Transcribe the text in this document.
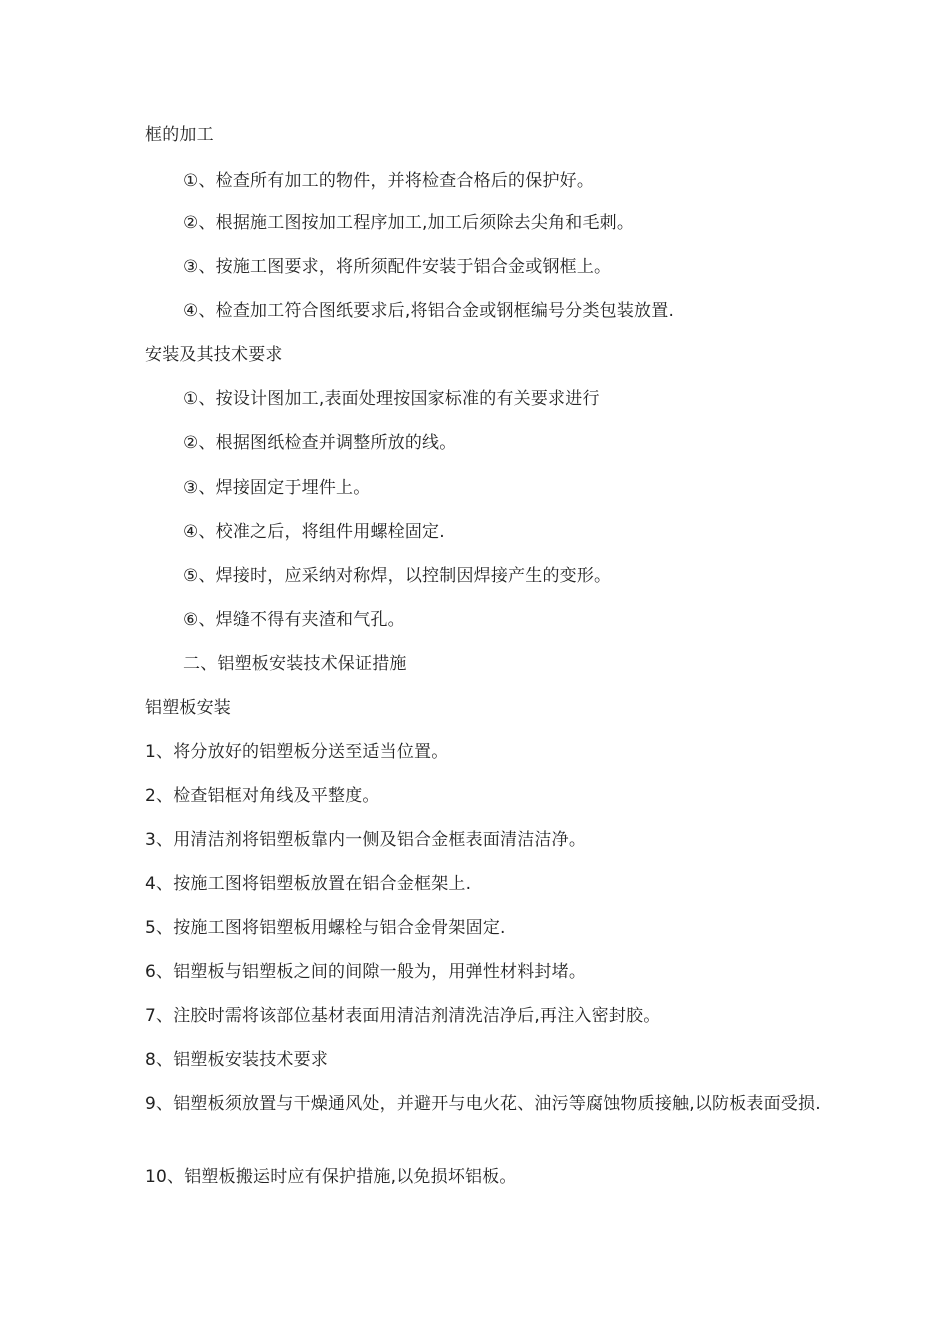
框的加工
①、检查所有加工的物件，并将检查合格后的保护好。
②、根据施工图按加工程序加工,加工后须除去尖角和毛刺。
③、按施工图要求，将所须配件安装于铝合金或钢框上。
④、检查加工符合图纸要求后,将铝合金或钢框编号分类包装放置.
安装及其技术要求
①、按设计图加工,表面处理按国家标准的有关要求进行
②、根据图纸检查并调整所放的线。
③、焊接固定于埋件上。
④、校准之后，将组件用螺栓固定.
⑤、焊接时，应采纳对称焊，以控制因焊接产生的变形。
⑥、焊缝不得有夹渣和气孔。
二、铝塑板安装技术保证措施
铝塑板安装
1、将分放好的铝塑板分送至适当位置。
2、检查铝框对角线及平整度。
3、用清洁剂将铝塑板靠内一侧及铝合金框表面清洁洁净。
4、按施工图将铝塑板放置在铝合金框架上.
5、按施工图将铝塑板用螺栓与铝合金骨架固定.
6、铝塑板与铝塑板之间的间隙一般为，用弹性材料封堵。
7、注胶时需将该部位基材表面用清洁剂清洗洁净后,再注入密封胶。
8、铝塑板安装技术要求
9、铝塑板须放置与干燥通风处，并避开与电火花、油污等腐蚀物质接触,以防板表面受损.
10、铝塑板搬运时应有保护措施,以免损坏铝板。
